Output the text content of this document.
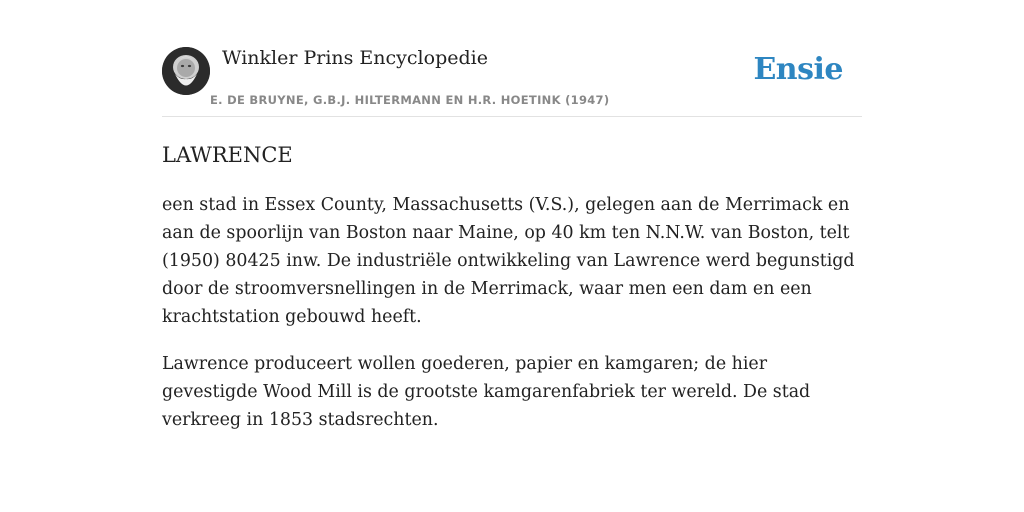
Winkler Prins Encyclopedie
E. DE BRUYNE, G.B.J. HILTERMANN EN H.R. HOETINK (1947)
Ensie
LAWRENCE

een stad in Essex County, Massachusetts (V.S.), gelegen aan de Merrimack en aan de spoorlijn van Boston naar Maine, op 40 km ten N.N.W. van Boston, telt (1950) 80425 inw. De industriële ontwikkeling van Lawrence werd begunstigd door de stroomversnellingen in de Merrimack, waar men een dam en een krachtstation gebouwd heeft.

Lawrence produceert wollen goederen, papier en kamgaren; de hier gevestigde Wood Mill is de grootste kamgarenfabriek ter wereld. De stad verkreeg in 1853 stadsrechten.
